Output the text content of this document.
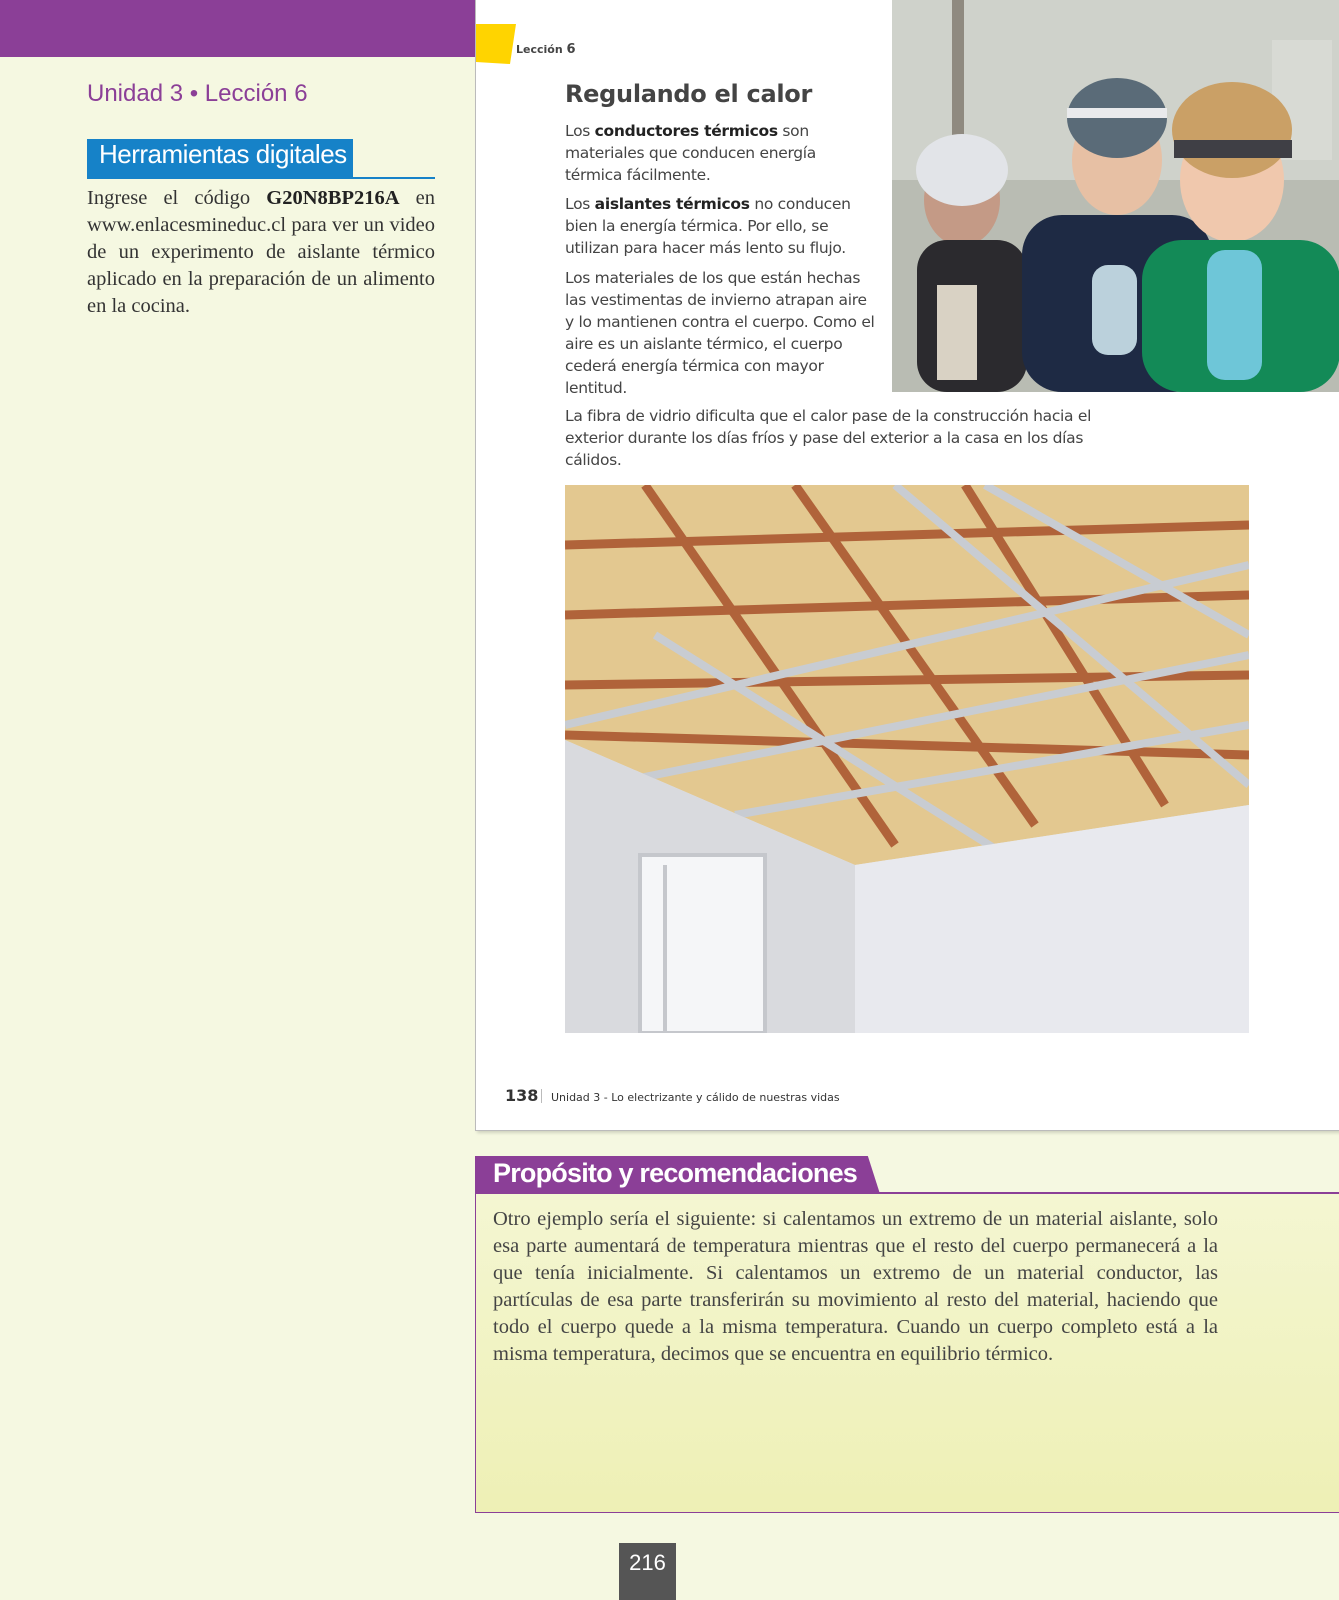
Unidad 3 • Lección 6
Herramientas digitales

Ingrese el código G20N8BP216A en www.enlacesmineduc.cl para ver un video de un experimento de aislante térmico aplicado en la preparación de un alimento en la cocina.

Lección 6
Regulando el calor

Los conductores térmicos son materiales que conducen energía térmica fácilmente.

Los aislantes térmicos no conducen bien la energía térmica. Por ello, se utilizan para hacer más lento su flujo.

Los materiales de los que están hechas las vestimentas de invierno atrapan aire y lo mantienen contra el cuerpo. Como el aire es un aislante térmico, el cuerpo cederá energía térmica con mayor lentitud.

La fibra de vidrio dificulta que el calor pase de la construcción hacia el exterior durante los días fríos y pase del exterior a la casa en los días cálidos.

138 Unidad 3 - Lo electrizante y cálido de nuestras vidas
Propósito y recomendaciones

Otro ejemplo sería el siguiente: si calentamos un extremo de un material aislante, solo esa parte aumentará de temperatura mientras que el resto del cuerpo permanecerá a la que tenía inicialmente. Si calentamos un extremo de un material conductor, las partículas de esa parte transferirán su movimiento al resto del material, haciendo que todo el cuerpo quede a la misma temperatura. Cuando un cuerpo completo está a la misma temperatura, decimos que se encuentra en equilibrio térmico.

216
